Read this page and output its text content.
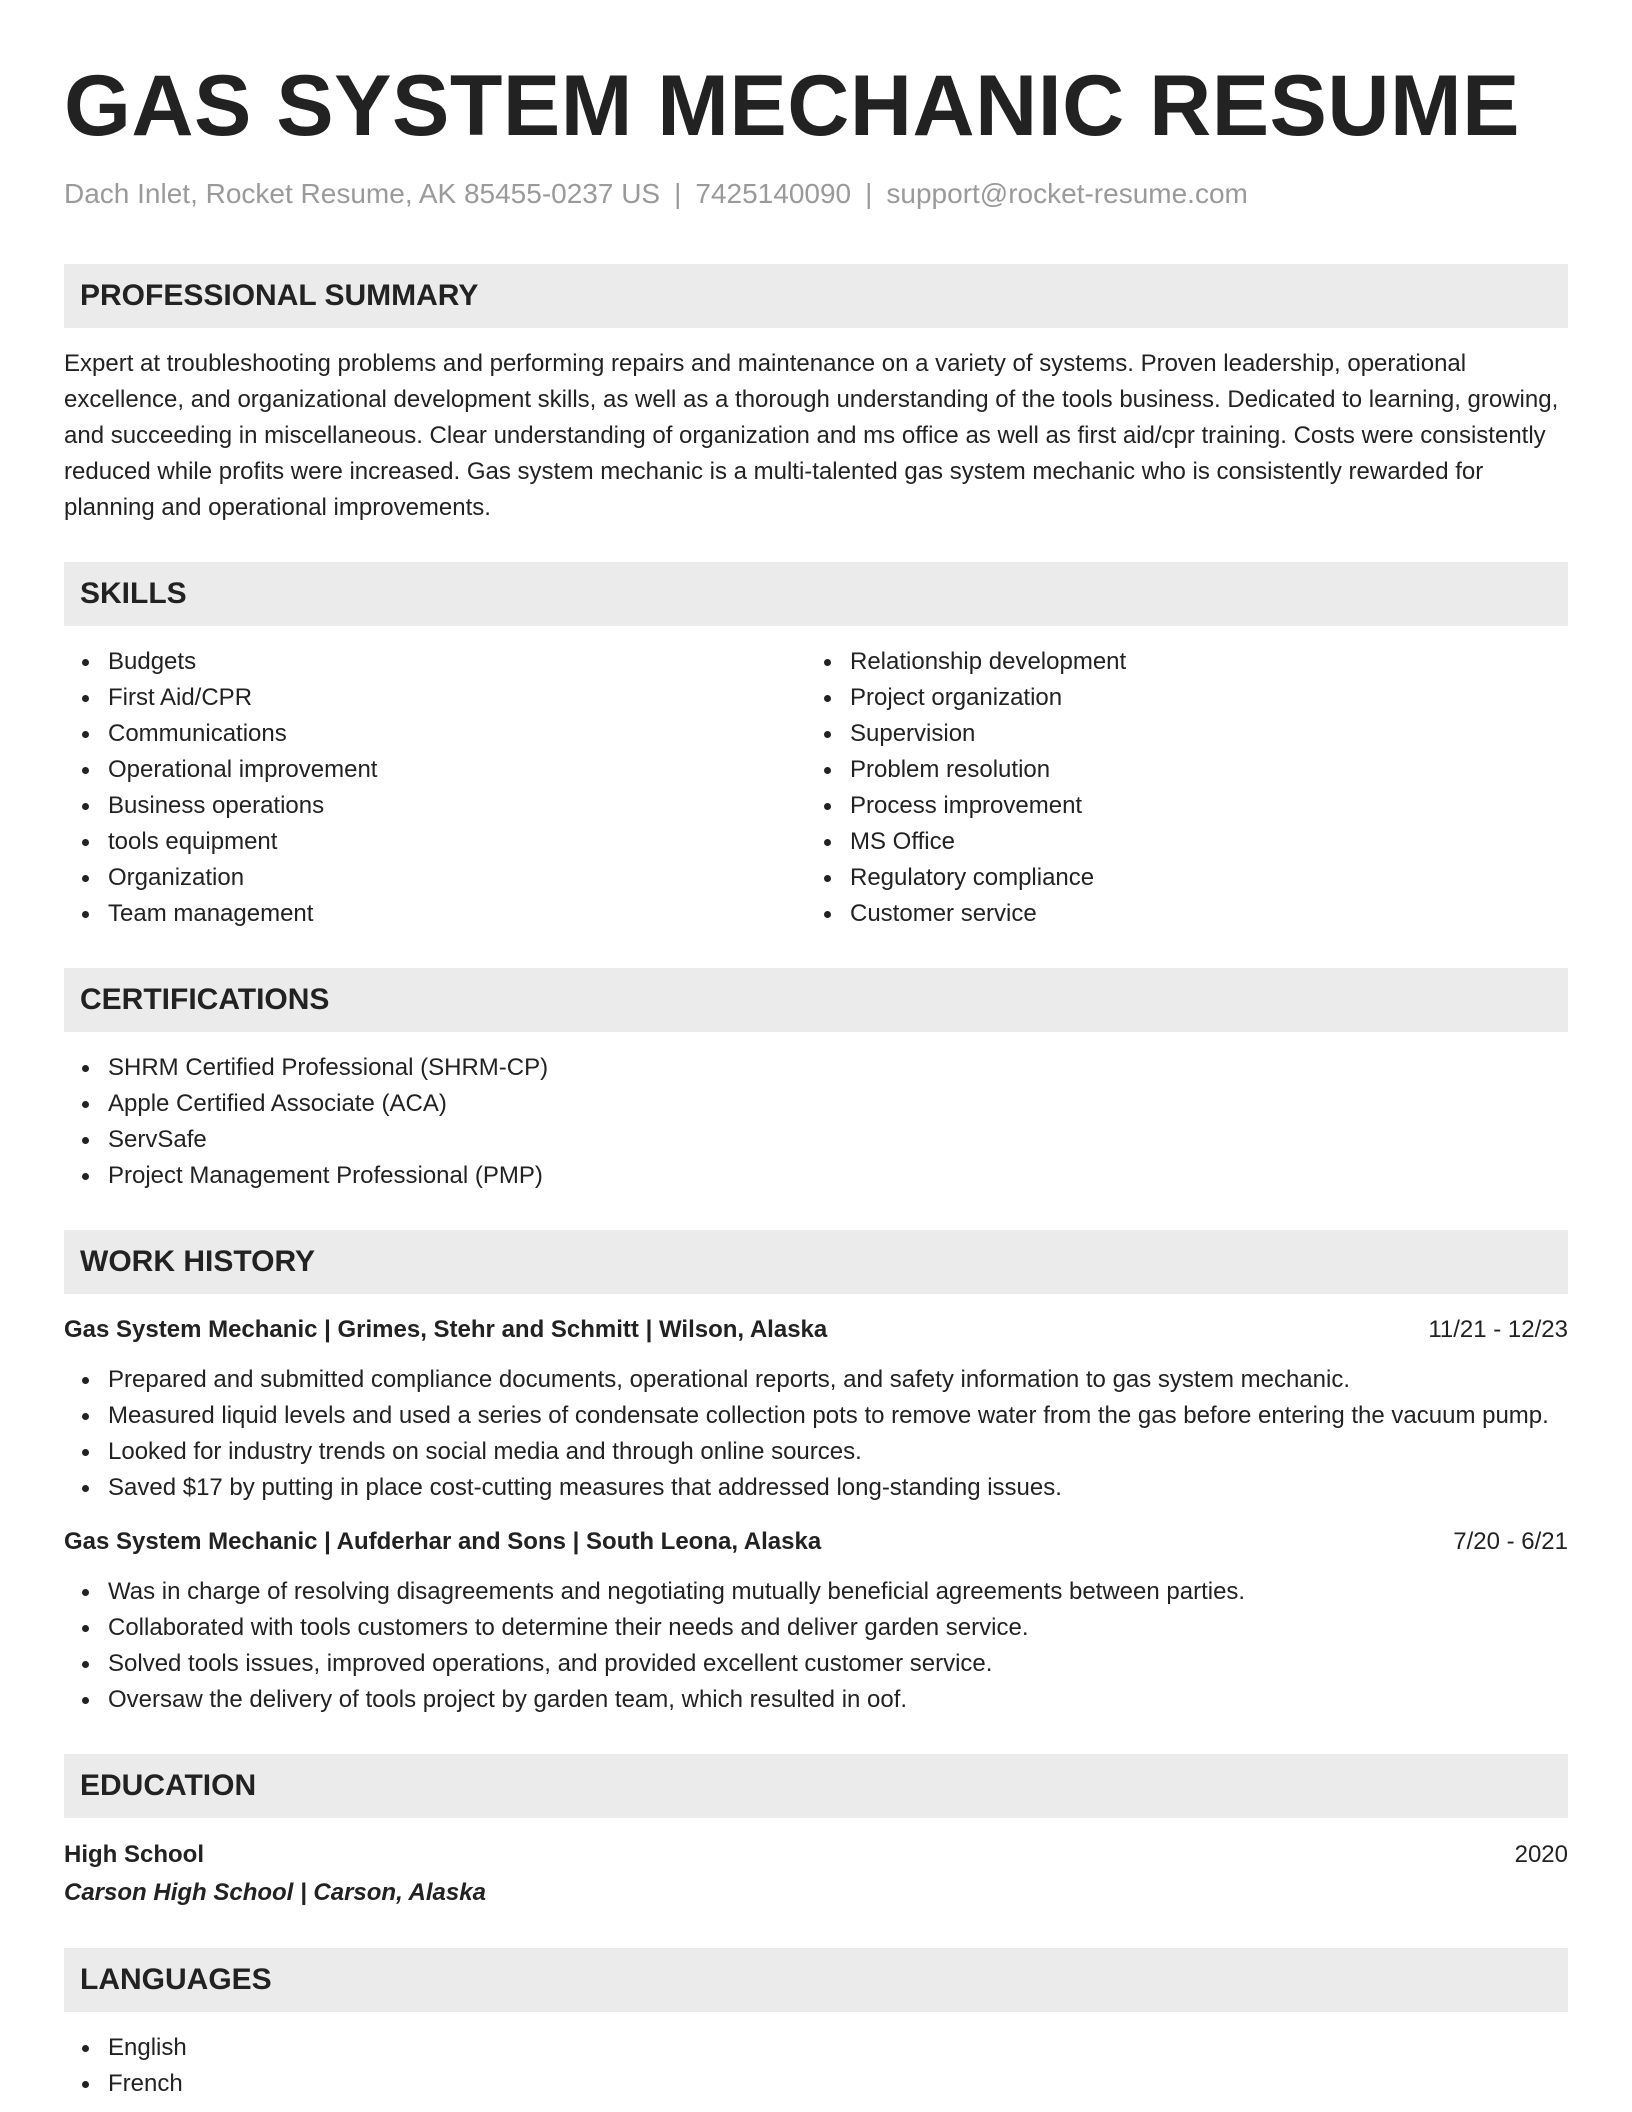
GAS SYSTEM MECHANIC RESUME
Dach Inlet, Rocket Resume, AK 85455-0237 US | 7425140090 | support@rocket-resume.com
PROFESSIONAL SUMMARY
Expert at troubleshooting problems and performing repairs and maintenance on a variety of systems. Proven leadership, operational excellence, and organizational development skills, as well as a thorough understanding of the tools business. Dedicated to learning, growing, and succeeding in miscellaneous. Clear understanding of organization and ms office as well as first aid/cpr training. Costs were consistently reduced while profits were increased. Gas system mechanic is a multi-talented gas system mechanic who is consistently rewarded for planning and operational improvements.
SKILLS
Budgets
First Aid/CPR
Communications
Operational improvement
Business operations
tools equipment
Organization
Team management
Relationship development
Project organization
Supervision
Problem resolution
Process improvement
MS Office
Regulatory compliance
Customer service
CERTIFICATIONS
SHRM Certified Professional (SHRM-CP)
Apple Certified Associate (ACA)
ServSafe
Project Management Professional (PMP)
WORK HISTORY
Gas System Mechanic | Grimes, Stehr and Schmitt | Wilson, Alaska	11/21 - 12/23
Prepared and submitted compliance documents, operational reports, and safety information to gas system mechanic.
Measured liquid levels and used a series of condensate collection pots to remove water from the gas before entering the vacuum pump.
Looked for industry trends on social media and through online sources.
Saved $17 by putting in place cost-cutting measures that addressed long-standing issues.
Gas System Mechanic | Aufderhar and Sons | South Leona, Alaska	7/20 - 6/21
Was in charge of resolving disagreements and negotiating mutually beneficial agreements between parties.
Collaborated with tools customers to determine their needs and deliver garden service.
Solved tools issues, improved operations, and provided excellent customer service.
Oversaw the delivery of tools project by garden team, which resulted in oof.
EDUCATION
High School	2020
Carson High School | Carson, Alaska
LANGUAGES
English
French
